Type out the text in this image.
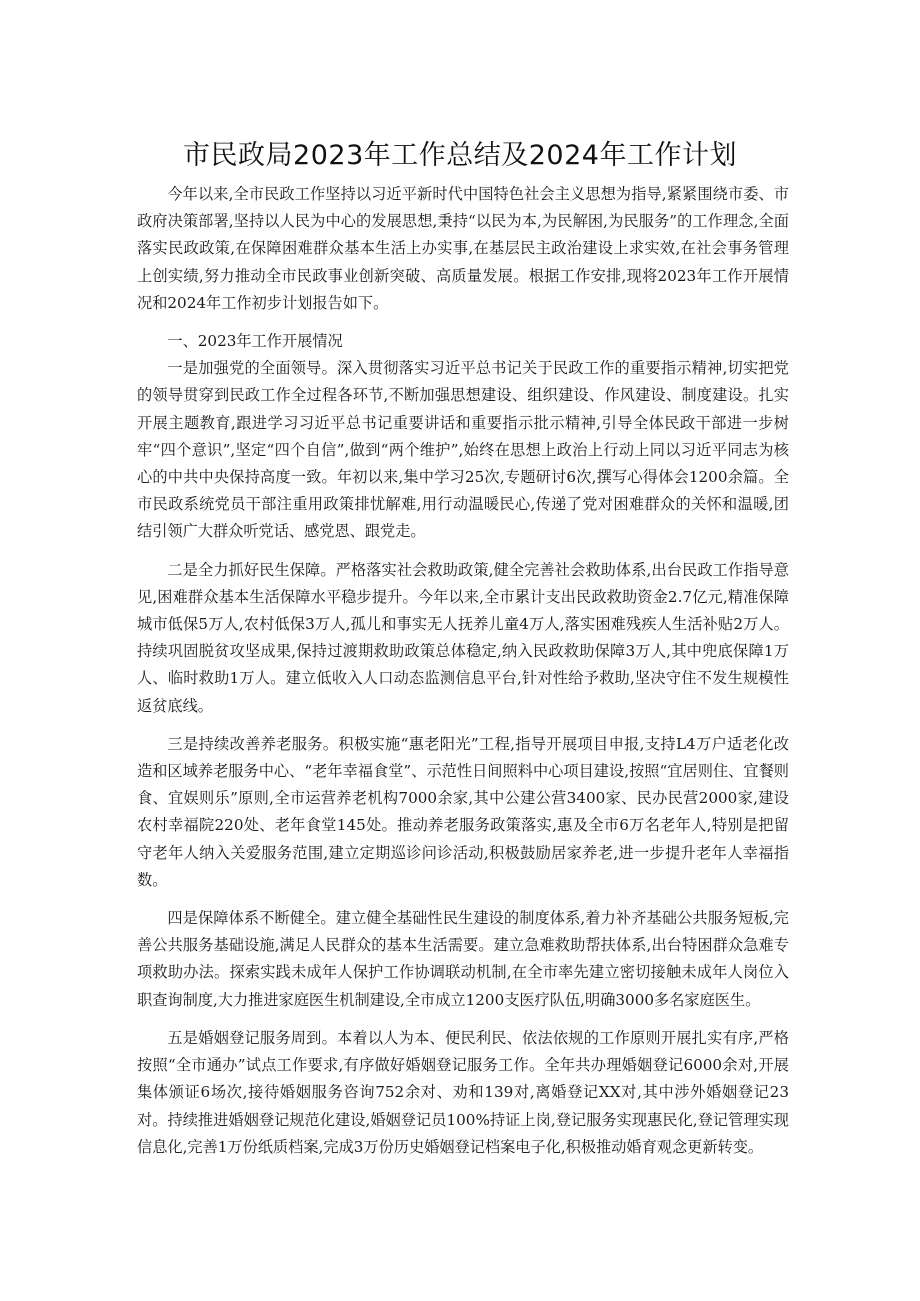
市民政局2023年工作总结及2024年工作计划

今年以来,全市民政工作坚持以习近平新时代中国特色社会主义思想为指导,紧紧围绕市委、市政府决策部署,坚持以人民为中心的发展思想,秉持“以民为本,为民解困,为民服务”的工作理念,全面落实民政政策,在保障困难群众基本生活上办实事,在基层民主政治建设上求实效,在社会事务管理上创实绩,努力推动全市民政事业创新突破、高质量发展。根据工作安排,现将2023年工作开展情况和2024年工作初步计划报告如下。

一、2023年工作开展情况

一是加强党的全面领导。深入贯彻落实习近平总书记关于民政工作的重要指示精神,切实把党的领导贯穿到民政工作全过程各环节,不断加强思想建设、组织建设、作风建设、制度建设。扎实开展主题教育,跟进学习习近平总书记重要讲话和重要指示批示精神,引导全体民政干部进一步树牢“四个意识”,坚定“四个自信”,做到“两个维护”,始终在思想上政治上行动上同以习近平同志为核心的中共中央保持高度一致。年初以来,集中学习25次,专题研讨6次,撰写心得体会1200余篇。全市民政系统党员干部注重用政策排忧解难,用行动温暖民心,传递了党对困难群众的关怀和温暖,团结引领广大群众听党话、感党恩、跟党走。

二是全力抓好民生保障。严格落实社会救助政策,健全完善社会救助体系,出台民政工作指导意见,困难群众基本生活保障水平稳步提升。今年以来,全市累计支出民政救助资金2.7亿元,精准保障城市低保5万人,农村低保3万人,孤儿和事实无人抚养儿童4万人,落实困难残疾人生活补贴2万人。持续巩固脱贫攻坚成果,保持过渡期救助政策总体稳定,纳入民政救助保障3万人,其中兜底保障1万人、临时救助1万人。建立低收入人口动态监测信息平台,针对性给予救助,坚决守住不发生规模性返贫底线。

三是持续改善养老服务。积极实施“惠老阳光”工程,指导开展项目申报,支持L4万户适老化改造和区域养老服务中心、“老年幸福食堂”、示范性日间照料中心项目建设,按照“宜居则住、宜餐则食、宜娱则乐”原则,全市运营养老机构7000余家,其中公建公营3400家、民办民营2000家,建设农村幸福院220处、老年食堂145处。推动养老服务政策落实,惠及全市6万名老年人,特别是把留守老年人纳入关爱服务范围,建立定期巡诊问诊活动,积极鼓励居家养老,进一步提升老年人幸福指数。

四是保障体系不断健全。建立健全基础性民生建设的制度体系,着力补齐基础公共服务短板,完善公共服务基础设施,满足人民群众的基本生活需要。建立急难救助帮扶体系,出台特困群众急难专项救助办法。探索实践未成年人保护工作协调联动机制,在全市率先建立密切接触未成年人岗位入职查询制度,大力推进家庭医生机制建设,全市成立1200支医疗队伍,明确3000多名家庭医生。

五是婚姻登记服务周到。本着以人为本、便民利民、依法依规的工作原则开展扎实有序,严格按照“全市通办”试点工作要求,有序做好婚姻登记服务工作。全年共办理婚姻登记6000余对,开展集体颁证6场次,接待婚姻服务咨询752余对、劝和139对,离婚登记XX对,其中涉外婚姻登记23对。持续推进婚姻登记规范化建设,婚姻登记员100%持证上岗,登记服务实现惠民化,登记管理实现信息化,完善1万份纸质档案,完成3万份历史婚姻登记档案电子化,积极推动婚育观念更新转变。
